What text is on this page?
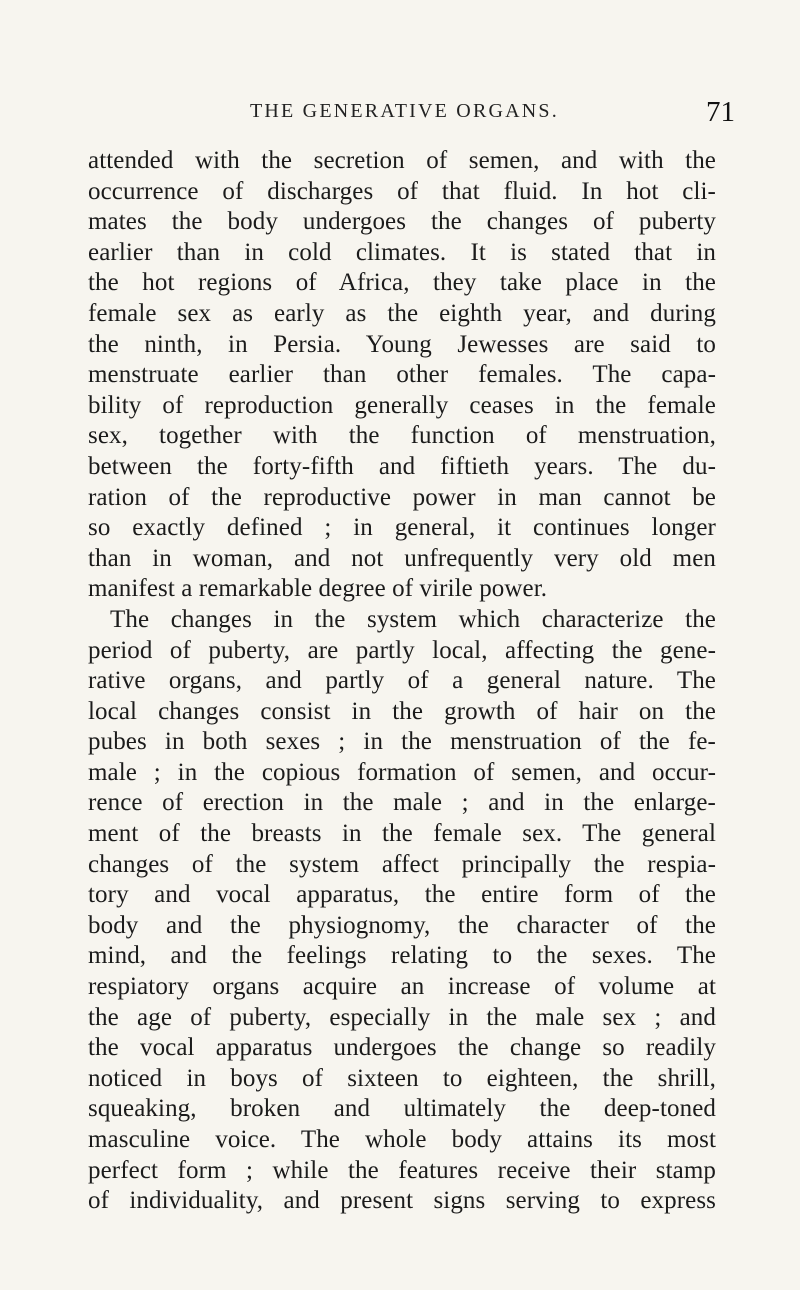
THE GENERATIVE ORGANS.	71
attended with the secretion of semen, and with the
occurrence of discharges of that fluid. In hot cli-
mates the body undergoes the changes of puberty
earlier than in cold climates. It is stated that in
the hot regions of Africa, they take place in the
female sex as early as the eighth year, and during
the ninth, in Persia. Young Jewesses are said to
menstruate earlier than other females. The capa-
bility of reproduction generally ceases in the female
sex, together with the function of menstruation,
between the forty-fifth and fiftieth years. The du-
ration of the reproductive power in man cannot be
so exactly defined ; in general, it continues longer
than in woman, and not unfrequently very old men
manifest a remarkable degree of virile power.
The changes in the system which characterize the
period of puberty, are partly local, affecting the gene-
rative organs, and partly of a general nature. The
local changes consist in the growth of hair on the
pubes in both sexes ; in the menstruation of the fe-
male ; in the copious formation of semen, and occur-
rence of erection in the male ; and in the enlarge-
ment of the breasts in the female sex. The general
changes of the system affect principally the respia-
tory and vocal apparatus, the entire form of the
body and the physiognomy, the character of the
mind, and the feelings relating to the sexes. The
respiatory organs acquire an increase of volume at
the age of puberty, especially in the male sex ; and
the vocal apparatus undergoes the change so readily
noticed in boys of sixteen to eighteen, the shrill,
squeaking, broken and ultimately the deep-toned
masculine voice. The whole body attains its most
perfect form ; while the features receive their stamp
of individuality, and present signs serving to express
